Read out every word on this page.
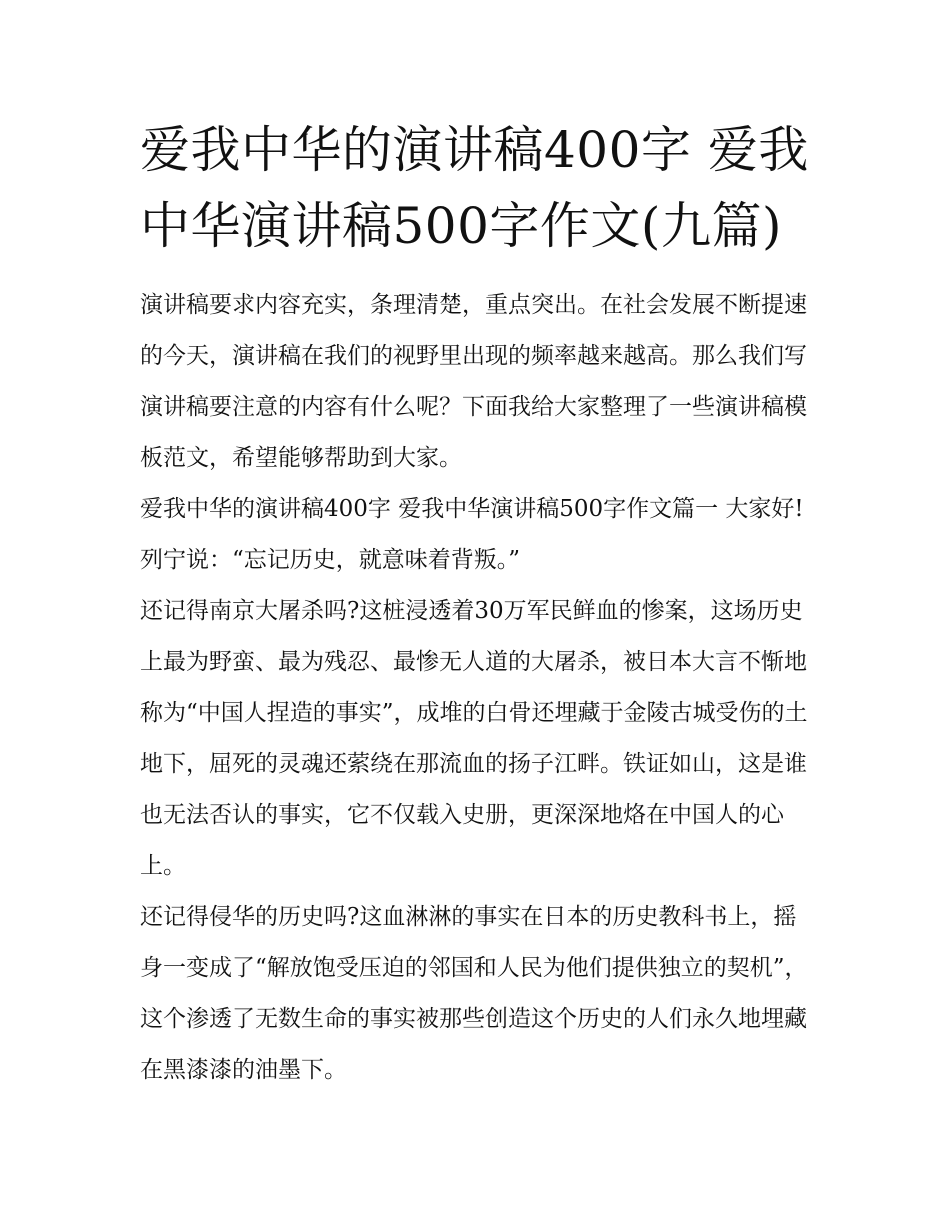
爱我中华的演讲稿400字 爱我中华演讲稿500字作文(九篇)

演讲稿要求内容充实，条理清楚，重点突出。在社会发展不断提速的今天，演讲稿在我们的视野里出现的频率越来越高。那么我们写演讲稿要注意的内容有什么呢？下面我给大家整理了一些演讲稿模板范文，希望能够帮助到大家。

爱我中华的演讲稿400字 爱我中华演讲稿500字作文篇一 大家好! 列宁说：“忘记历史，就意味着背叛。”

还记得南京大屠杀吗?这桩浸透着30万军民鲜血的惨案，这场历史上最为野蛮、最为残忍、最惨无人道的大屠杀，被日本大言不惭地称为“中国人捏造的事实”，成堆的白骨还埋藏于金陵古城受伤的土地下，屈死的灵魂还萦绕在那流血的扬子江畔。铁证如山，这是谁也无法否认的事实，它不仅载入史册，更深深地烙在中国人的心上。

还记得侵华的历史吗?这血淋淋的事实在日本的历史教科书上，摇身一变成了“解放饱受压迫的邻国和人民为他们提供独立的契机”，这个渗透了无数生命的事实被那些创造这个历史的人们永久地埋藏在黑漆漆的油墨下。
